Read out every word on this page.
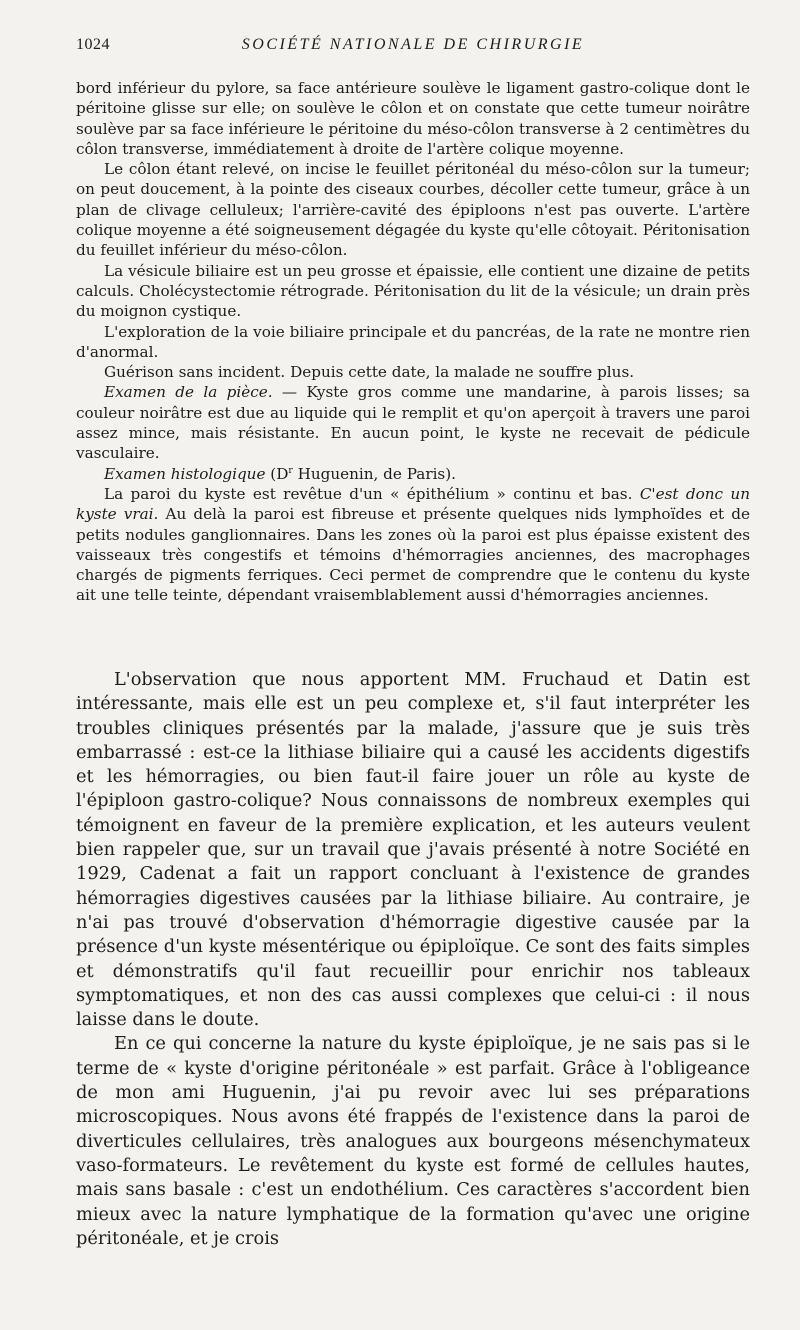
1024	SOCIÉTÉ NATIONALE DE CHIRURGIE

bord inférieur du pylore, sa face antérieure soulève le ligament gastro-colique dont le péritoine glisse sur elle; on soulève le côlon et on constate que cette tumeur noirâtre soulève par sa face inférieure le péritoine du méso-côlon transverse à 2 centimètres du côlon transverse, immédiatement à droite de l'artère colique moyenne.

Le côlon étant relevé, on incise le feuillet péritonéal du méso-côlon sur la tumeur; on peut doucement, à la pointe des ciseaux courbes, décoller cette tumeur, grâce à un plan de clivage celluleux; l'arrière-cavité des épiploons n'est pas ouverte. L'artère colique moyenne a été soigneusement dégagée du kyste qu'elle côtoyait. Péritonisation du feuillet inférieur du méso-côlon.

La vésicule biliaire est un peu grosse et épaissie, elle contient une dizaine de petits calculs. Cholécystectomie rétrograde. Péritonisation du lit de la vésicule; un drain près du moignon cystique.

L'exploration de la voie biliaire principale et du pancréas, de la rate ne montre rien d'anormal.

Guérison sans incident. Depuis cette date, la malade ne souffre plus.

Examen de la pièce. — Kyste gros comme une mandarine, à parois lisses; sa couleur noirâtre est due au liquide qui le remplit et qu'on aperçoit à travers une paroi assez mince, mais résistante. En aucun point, le kyste ne recevait de pédicule vasculaire.

Examen histologique ($D^r$ Huguenin, de Paris).

La paroi du kyste est revêtue d'un « épithélium » continu et bas. C'est donc un kyste vrai. Au delà la paroi est fibreuse et présente quelques nids lymphoïdes et de petits nodules ganglionnaires. Dans les zones où la paroi est plus épaisse existent des vaisseaux très congestifs et témoins d'hémorragies anciennes, des macrophages chargés de pigments ferriques. Ceci permet de comprendre que le contenu du kyste ait une telle teinte, dépendant vraisemblablement aussi d'hémorragies anciennes.

L'observation que nous apportent MM. Fruchaud et Datin est intéressante, mais elle est un peu complexe et, s'il faut interpréter les troubles cliniques présentés par la malade, j'assure que je suis très embarrassé : est-ce la lithiase biliaire qui a causé les accidents digestifs et les hémorragies, ou bien faut-il faire jouer un rôle au kyste de l'épiploon gastro-colique? Nous connaissons de nombreux exemples qui témoignent en faveur de la première explication, et les auteurs veulent bien rappeler que, sur un travail que j'avais présenté à notre Société en 1929, Cadenat a fait un rapport concluant à l'existence de grandes hémorragies digestives causées par la lithiase biliaire. Au contraire, je n'ai pas trouvé d'observation d'hémorragie digestive causée par la présence d'un kyste mésentérique ou épiploïque. Ce sont des faits simples et démonstratifs qu'il faut recueillir pour enrichir nos tableaux symptomatiques, et non des cas aussi complexes que celui-ci : il nous laisse dans le doute.

En ce qui concerne la nature du kyste épiploïque, je ne sais pas si le terme de « kyste d'origine péritonéale » est parfait. Grâce à l'obligeance de mon ami Huguenin, j'ai pu revoir avec lui ses préparations microscopiques. Nous avons été frappés de l'existence dans la paroi de diverticules cellulaires, très analogues aux bourgeons mésenchymateux vaso-formateurs. Le revêtement du kyste est formé de cellules hautes, mais sans basale : c'est un endothélium. Ces caractères s'accordent bien mieux avec la nature lymphatique de la formation qu'avec une origine péritonéale, et je crois
